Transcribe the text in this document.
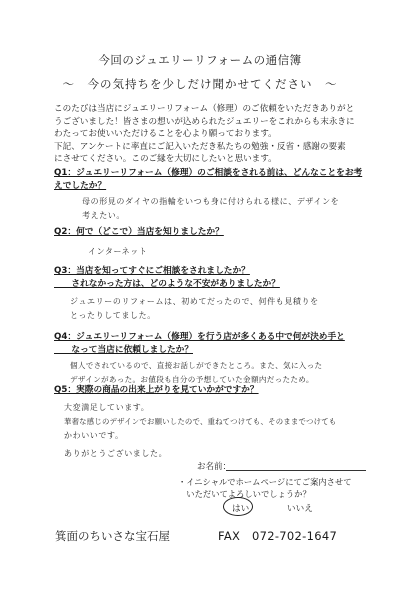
今回のジュエリーリフォームの通信簿
〜　今の気持ちを少しだけ聞かせてください　〜

このたびは当店にジュエリーリフォーム（修理）のご依頼をいただきありがと

うございました！皆さまの想いが込められたジュエリーをこれからも末永きに

わたってお使いいただけることを心より願っております。

下記、アンケートに率直にご記入いただき私たちの勉強・反省・感謝の要素

にさせてください。このご縁を大切にしたいと思います。

Q1：ジュエリーリフォーム（修理）のご相談をされる前は、どんなことをお考
えでしたか？
母の形見のダイヤの指輪をいつも身に付けられる様に、デザインを
考えたい。
Q2：何で（どこで）当店を知りましたか？
インターネット
Q3：当店を知ってすぐにご相談をされましたか？
　　されなかった方は、どのような不安がありましたか？
ジュエリーのリフォームは、初めてだったので、何件も見積りを
とったりしてました。
Q4：ジュエリーリフォーム（修理）を行う店が多くある中で何が決め手と
　　なって当店に依頼しましたか？
個人でされているので、直接お話しができたところ。また、気に入った
デザインがあった。お値段も自分の予想していた金額内だったため。
Q5：実際の商品の出来上がりを見ていかがですか？
大変満足しています。
華奢な感じのデザインでお願いしたので、重ねてつけても、そのままでつけても
かわいいです。
ありがとうございました。
お名前：
・イニシャルでホームページにてご案内させて
　いただいてよろしいでしょうか？
はい	いいえ
箕面のちいさな宝石屋	FAX　072-702-1647
